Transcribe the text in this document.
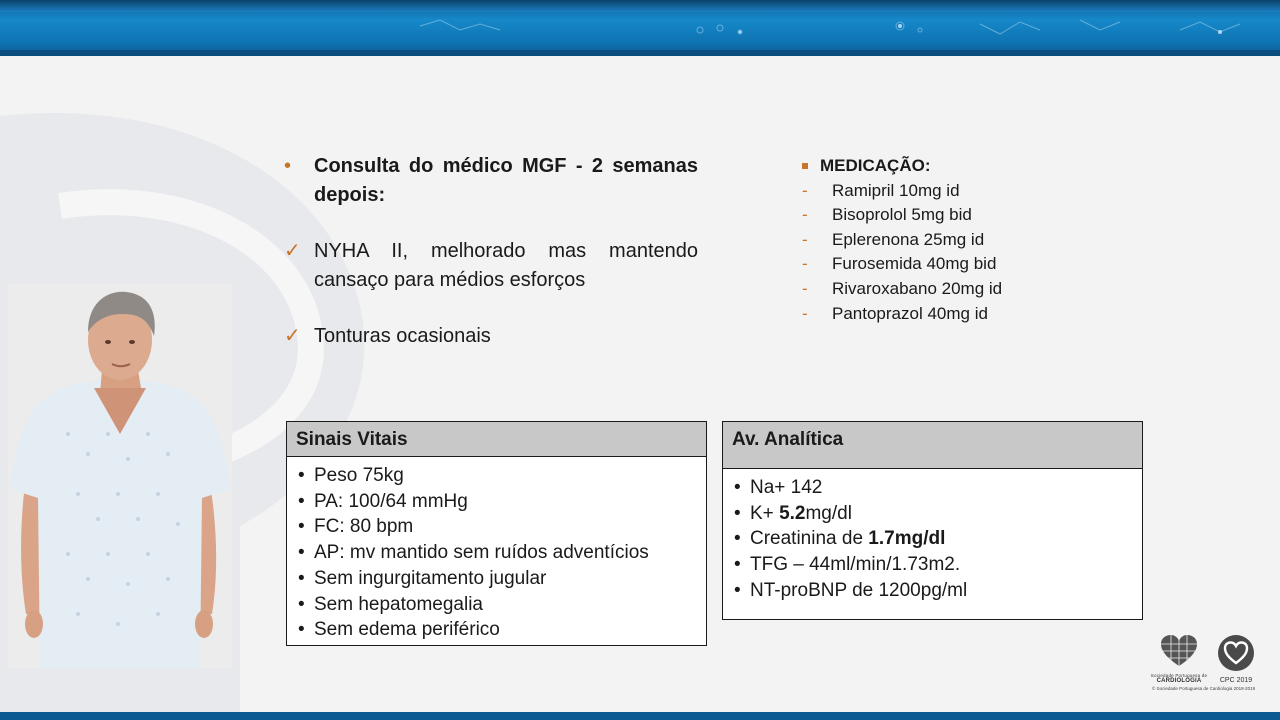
•	Consulta do médico MGF - 2 semanas depois:
✓ NYHA II, melhorado mas mantendo cansaço para médios esforços
✓ Tonturas ocasionais
MEDICAÇÃO:
-	Ramipril 10mg id
-	Bisoprolol 5mg bid
-	Eplerenona 25mg id
-	Furosemida 40mg bid
-	Rivaroxabano 20mg id
-	Pantoprazol 40mg id
Sinais Vitais
• Peso 75kg
• PA: 100/64 mmHg
• FC: 80 bpm
• AP: mv mantido sem ruídos adventícios
• Sem ingurgitamento jugular
• Sem hepatomegalia
• Sem edema periférico
Av. Analítica
• Na+ 142
• K+ 5.2mg/dl
• Creatinina de 1.7mg/dl
• TFG – 44ml/min/1.73m2.
• NT-proBNP de 1200pg/ml
Sociedade Portuguesa de
CARDIOLOGIA	CPC 2019
© Sociedade Portuguesa de Cardiologia 2018-2019
